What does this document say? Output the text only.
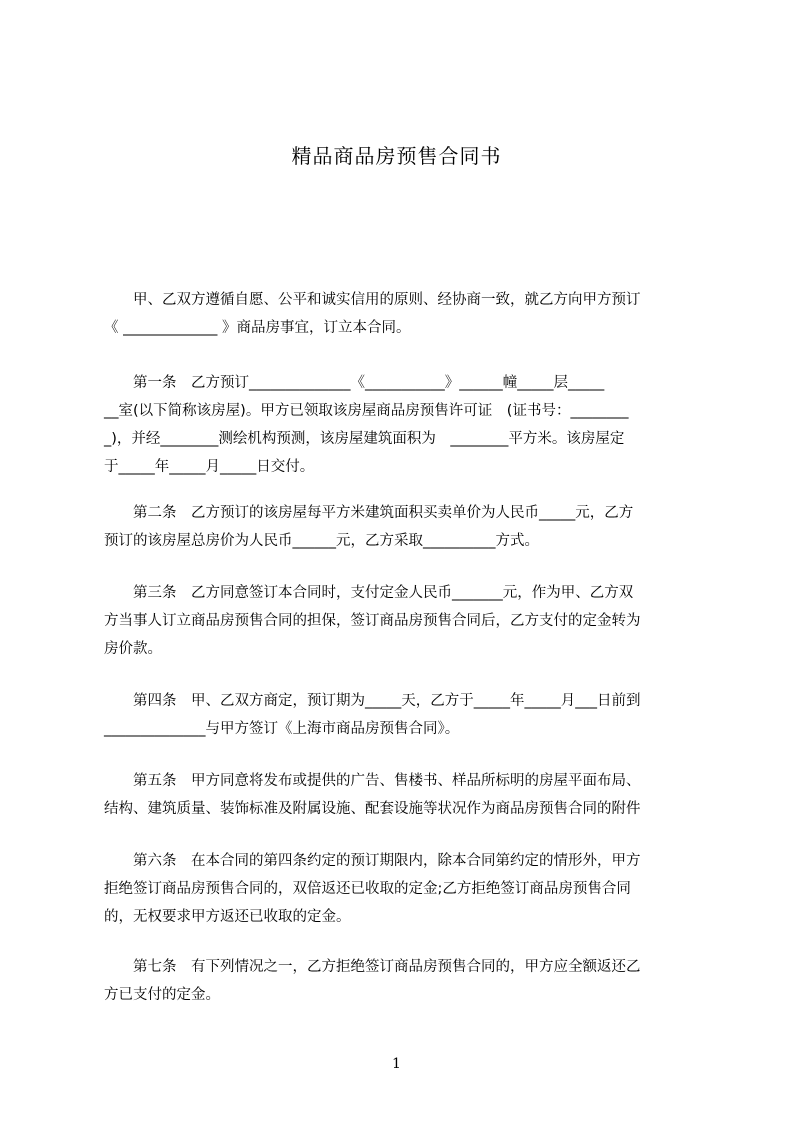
精品商品房预售合同书
　　甲、乙双方遵循自愿、公平和诚实信用的原则、经协商一致，就乙方向甲方预订
《 _____________ 》商品房事宜，订立本合同。
　　第一条　乙方预订______________《___________》______幢_____层_____
__室(以下简称该房屋)。甲方已领取该房屋商品房预售许可证　(证书号：________
_)，并经________测绘机构预测，该房屋建筑面积为　________平方米。该房屋定
于_____年_____月_____日交付。
　　第二条　乙方预订的该房屋每平方米建筑面积买卖单价为人民币_____元，乙方
预订的该房屋总房价为人民币______元，乙方采取__________方式。
　　第三条　乙方同意签订本合同时，支付定金人民币_______元，作为甲、乙方双
方当事人订立商品房预售合同的担保，签订商品房预售合同后，乙方支付的定金转为
房价款。
　　第四条　甲、乙双方商定，预订期为_____天，乙方于_____年_____月___日前到
______________与甲方签订《上海市商品房预售合同》。
　　第五条　甲方同意将发布或提供的广告、售楼书、样品所标明的房屋平面布局、
结构、建筑质量、装饰标准及附属设施、配套设施等状况作为商品房预售合同的附件
　　第六条　在本合同的第四条约定的预订期限内，除本合同第约定的情形外，甲方
拒绝签订商品房预售合同的，双倍返还已收取的定金;乙方拒绝签订商品房预售合同
的，无权要求甲方返还已收取的定金。
　　第七条　有下列情况之一，乙方拒绝签订商品房预售合同的，甲方应全额返还乙
方已支付的定金。
1
